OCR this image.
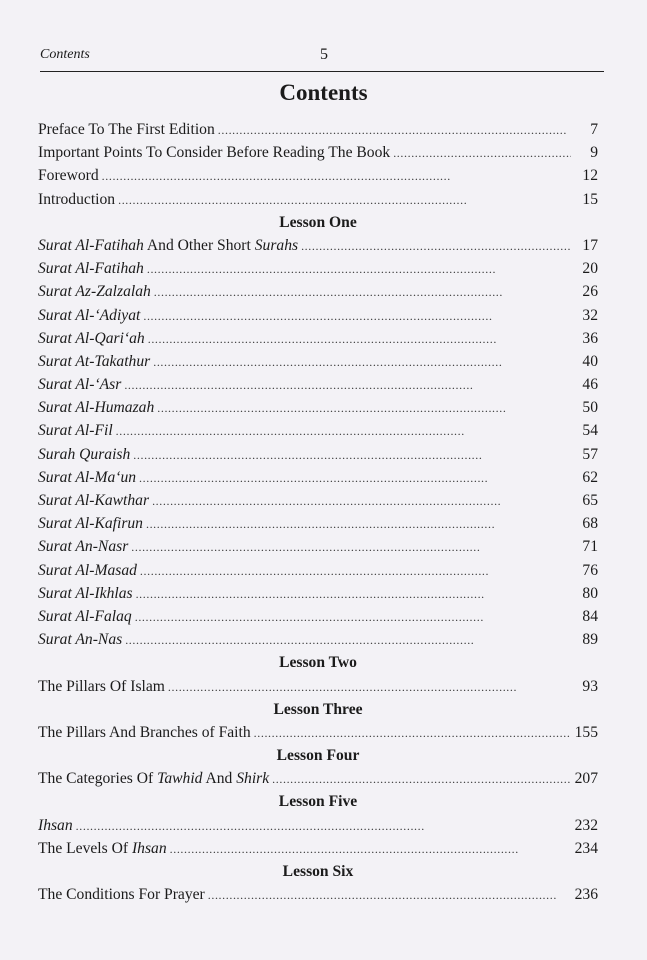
Contents	5
Contents
Preface To The First Edition . . .	7
Important Points To Consider Before Reading The Book . . .	9
Foreword . . .	12
Introduction . . .	15
Lesson One
Surat Al-Fatihah And Other Short Surahs . . .	17
Surat Al-Fatihah . . .	20
Surat Az-Zalzalah . . .	26
Surat Al-‘Adiyat . . .	32
Surat Al-Qari‘ah . . .	36
Surat At-Takathur . . .	40
Surat Al-‘Asr . . .	46
Surat Al-Humazah . . .	50
Surat Al-Fil . . .	54
Surah Quraish . . .	57
Surat Al-Ma‘un . . .	62
Surat Al-Kawthar . . .	65
Surat Al-Kafirun . . .	68
Surat An-Nasr . . .	71
Surat Al-Masad . . .	76
Surat Al-Ikhlas . . .	80
Surat Al-Falaq . . .	84
Surat An-Nas . . .	89
Lesson Two
The Pillars Of Islam . . .	93
Lesson Three
The Pillars And Branches of Faith . . .	155
Lesson Four
The Categories Of Tawhid And Shirk . . .	207
Lesson Five
Ihsan . . .	232
The Levels Of Ihsan . . .	234
Lesson Six
The Conditions For Prayer . . .	236
